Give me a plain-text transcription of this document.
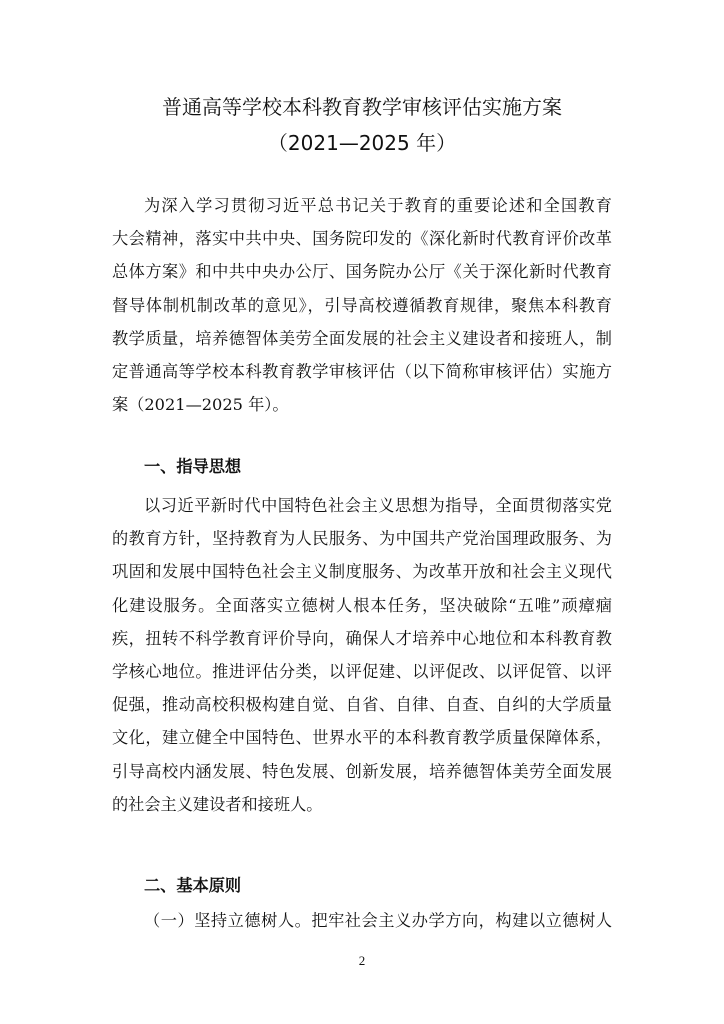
普通高等学校本科教育教学审核评估实施方案
（2021—2025 年）
为深入学习贯彻习近平总书记关于教育的重要论述和全国教育
大会精神，落实中共中央、国务院印发的《深化新时代教育评价改革
总体方案》和中共中央办公厅、国务院办公厅《关于深化新时代教育
督导体制机制改革的意见》，引导高校遵循教育规律，聚焦本科教育
教学质量，培养德智体美劳全面发展的社会主义建设者和接班人，制
定普通高等学校本科教育教学审核评估（以下简称审核评估）实施方
案（2021—2025 年）。
一、指导思想
以习近平新时代中国特色社会主义思想为指导，全面贯彻落实党
的教育方针，坚持教育为人民服务、为中国共产党治国理政服务、为
巩固和发展中国特色社会主义制度服务、为改革开放和社会主义现代
化建设服务。全面落实立德树人根本任务，坚决破除“五唯”顽瘴痼
疾，扭转不科学教育评价导向，确保人才培养中心地位和本科教育教
学核心地位。推进评估分类，以评促建、以评促改、以评促管、以评
促强，推动高校积极构建自觉、自省、自律、自查、自纠的大学质量
文化，建立健全中国特色、世界水平的本科教育教学质量保障体系，
引导高校内涵发展、特色发展、创新发展，培养德智体美劳全面发展
的社会主义建设者和接班人。
二、基本原则
（一）坚持立德树人。把牢社会主义办学方向，构建以立德树人
2
